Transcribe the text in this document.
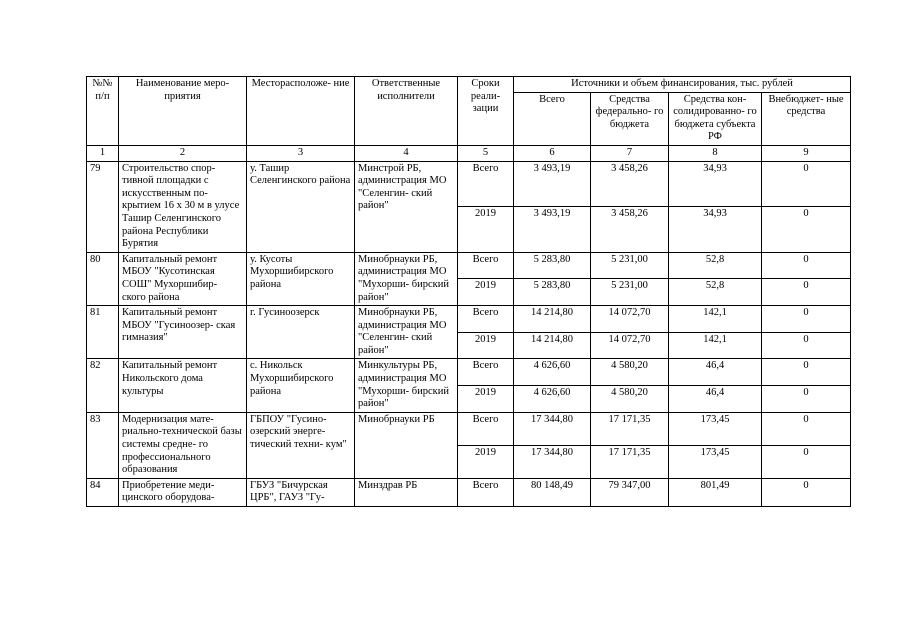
№№ п/п	Наименование меро- приятия	Месторасположе- ние	Ответственные исполнители	Сроки реали- зации	Источники и объем финансирования, тыс. рублей			
					Всего	Средства федерально- го бюджета	Средства кон- солидированно- го бюджета субъекта РФ	Внебюджет- ные средства
1	2	3	4	5	6	7	8	9
79	Строительство спор- тивной площадки с искусственным по- крытием 16 х 30 м в улусе Ташир Селенгинского района Республики Бурятия	у. Ташир Селенгинского района	Минстрой РБ, администрация МО "Селенгин- ский район"	Всего	3 493,19	3 458,26	34,93	0
				2019	3 493,19	3 458,26	34,93	0
80	Капитальный ремонт МБОУ "Кусотинская СОШ" Мухоршибир- ского района	у. Кусоты Мухоршибирского района	Минобрнауки РБ, администрация МО "Мухорши- бирский район"	Всего	5 283,80	5 231,00	52,8	0
				2019	5 283,80	5 231,00	52,8	0
81	Капитальный ремонт МБОУ "Гусиноозер- ская гимназия"	г. Гусиноозерск	Минобрнауки РБ, администрация МО "Селенгин- ский район"	Всего	14 214,80	14 072,70	142,1	0
				2019	14 214,80	14 072,70	142,1	0
82	Капитальный ремонт Никольского дома культуры	с. Никольск Мухоршибирского района	Минкультуры РБ, администрация МО "Мухорши- бирский район"	Всего	4 626,60	4 580,20	46,4	0
				2019	4 626,60	4 580,20	46,4	0
83	Модернизация мате- риально-технической базы системы средне- го профессионального образования	ГБПОУ "Гусино- озерский энерге- тический техни- кум"	Минобрнауки РБ	Всего	17 344,80	17 171,35	173,45	0
				2019	17 344,80	17 171,35	173,45	0
84	Приобретение меди- цинского оборудова-	ГБУЗ "Бичурская ЦРБ", ГАУЗ "Гу-	Минздрав РБ	Всего	80 148,49	79 347,00	801,49	0
